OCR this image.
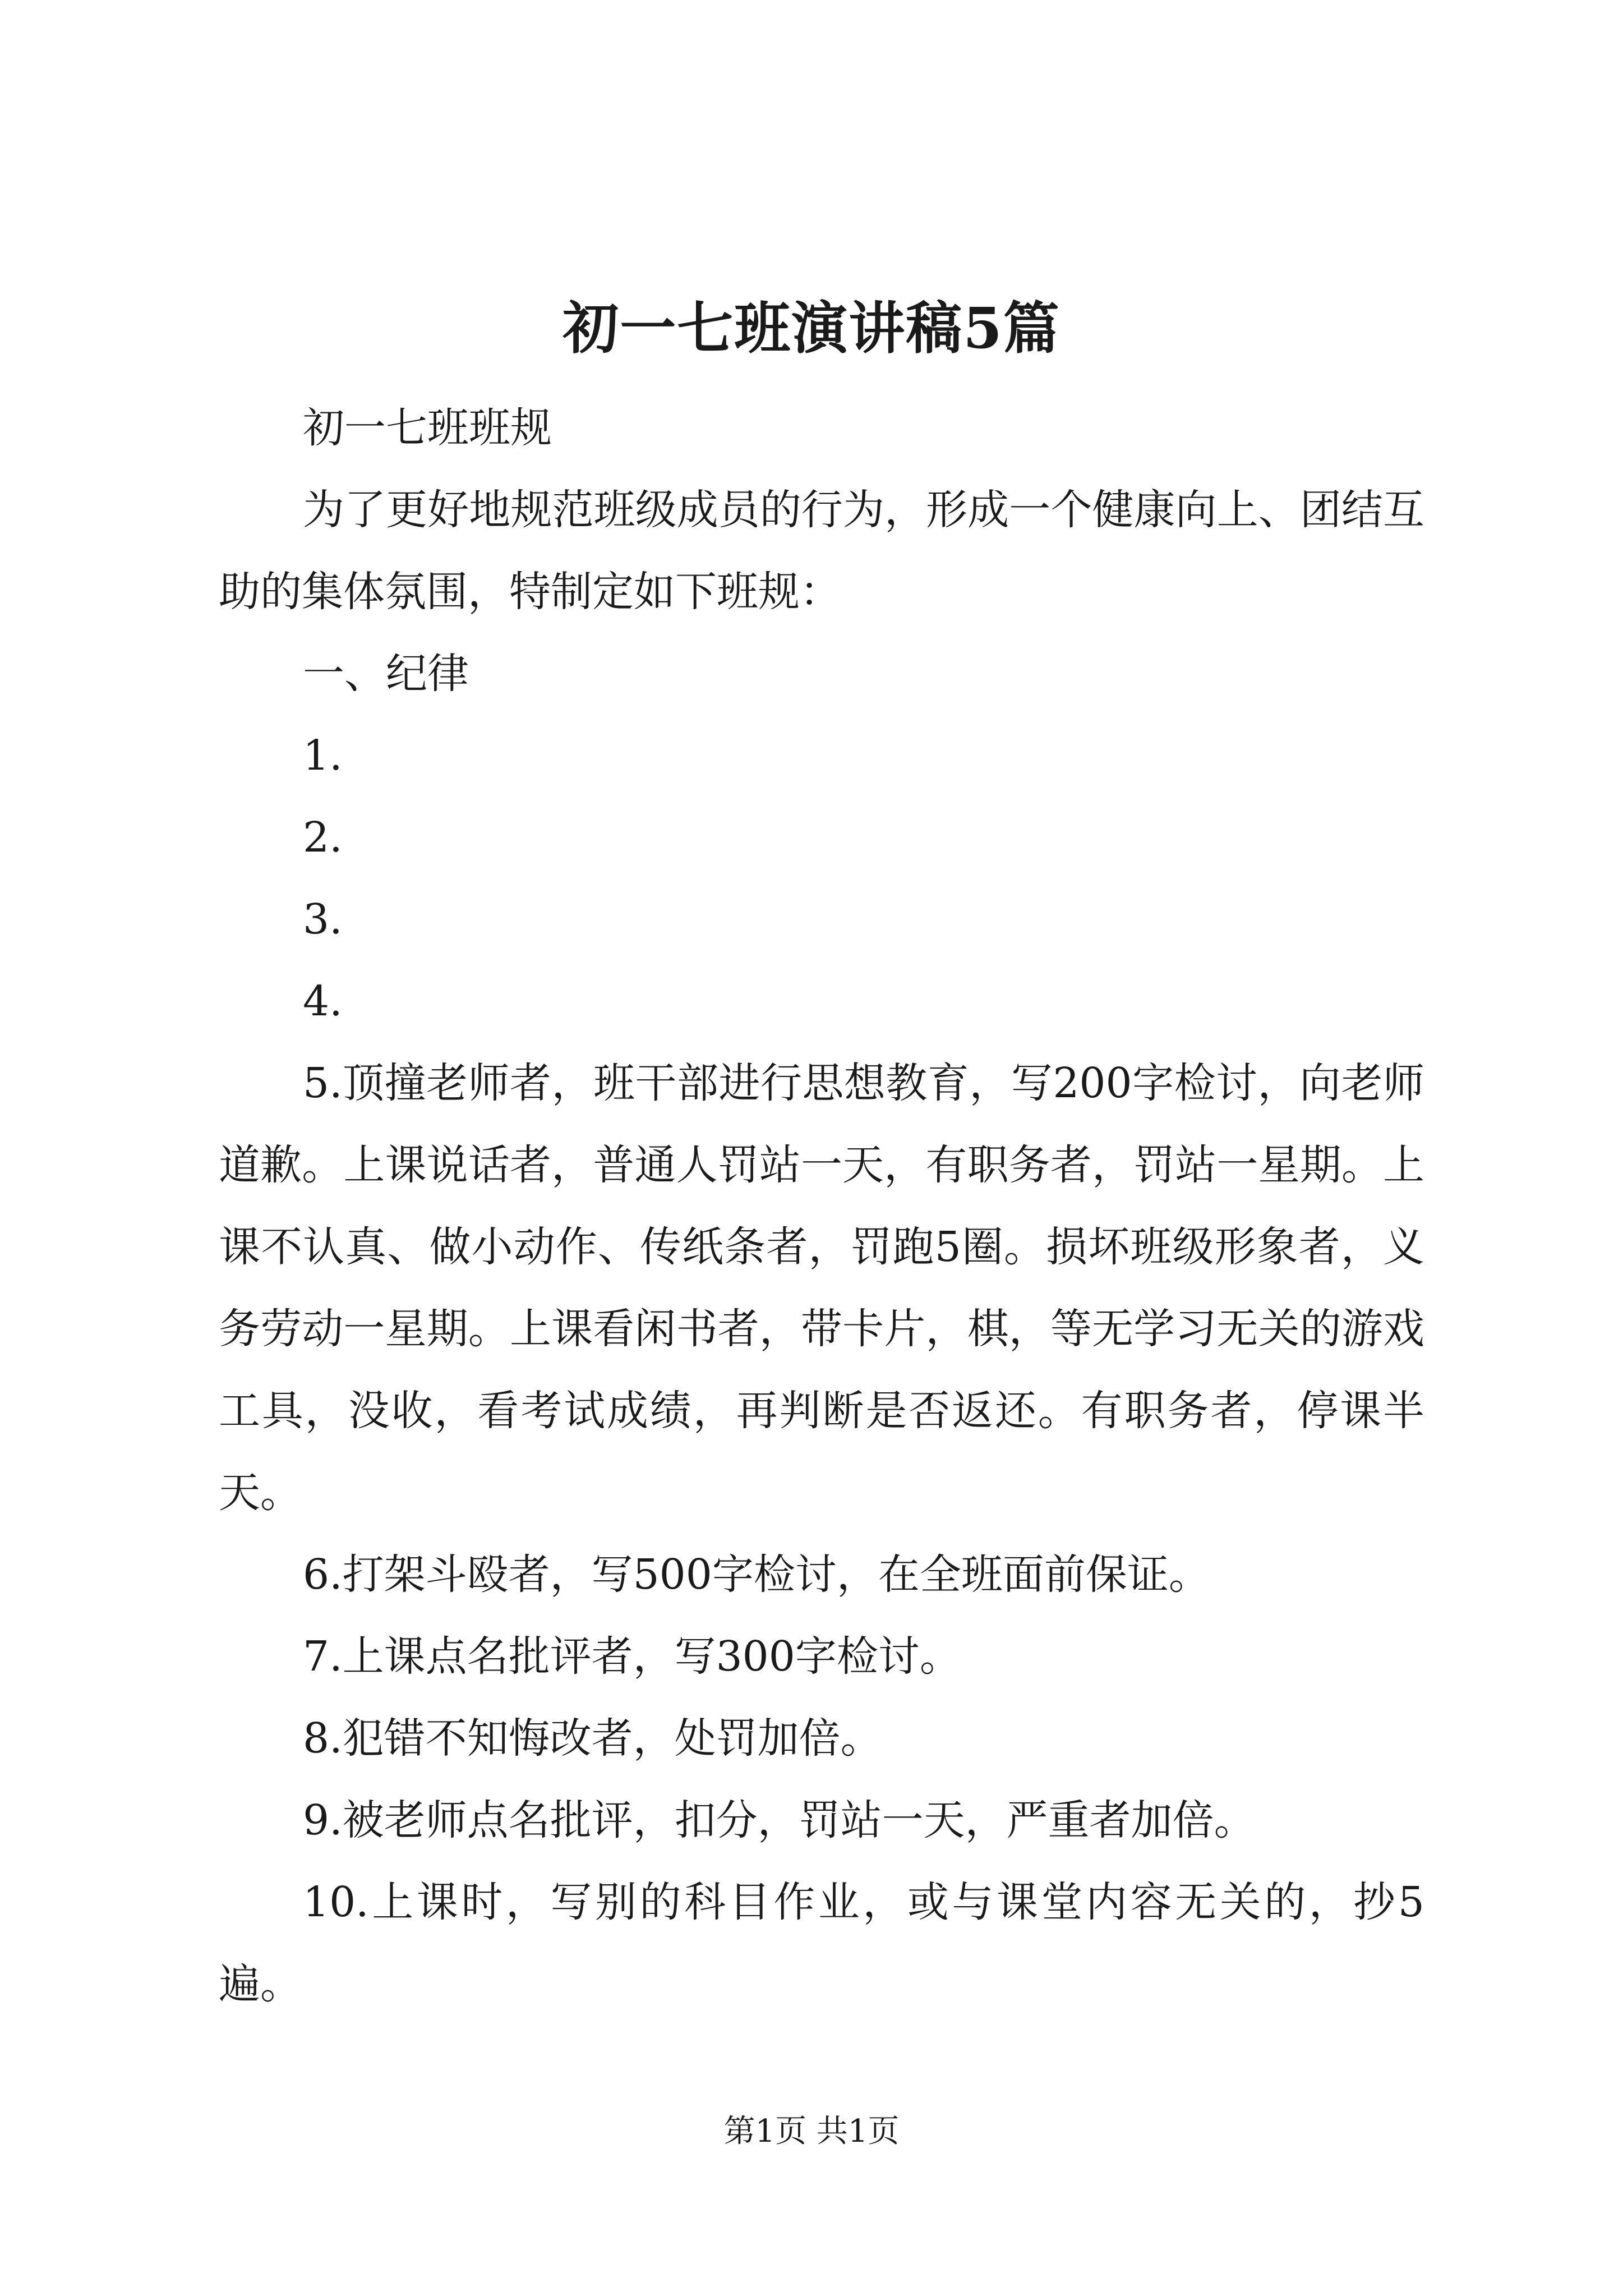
初一七班演讲稿5篇

初一七班班规

为了更好地规范班级成员的行为，形成一个健康向上、团结互助的集体氛围，特制定如下班规：

一、纪律

1.

2.

3.

4.

5.顶撞老师者，班干部进行思想教育，写200字检讨，向老师道歉。上课说话者，普通人罚站一天，有职务者，罚站一星期。上课不认真、做小动作、传纸条者，罚跑5圈。损坏班级形象者，义务劳动一星期。上课看闲书者，带卡片，棋，等无学习无关的游戏工具，没收，看考试成绩，再判断是否返还。有职务者，停课半天。

6.打架斗殴者，写500字检讨，在全班面前保证。

7.上课点名批评者，写300字检讨。

8.犯错不知悔改者，处罚加倍。

9.被老师点名批评，扣分，罚站一天，严重者加倍。

10.上课时，写别的科目作业，或与课堂内容无关的，抄5遍。

第1页 共1页
